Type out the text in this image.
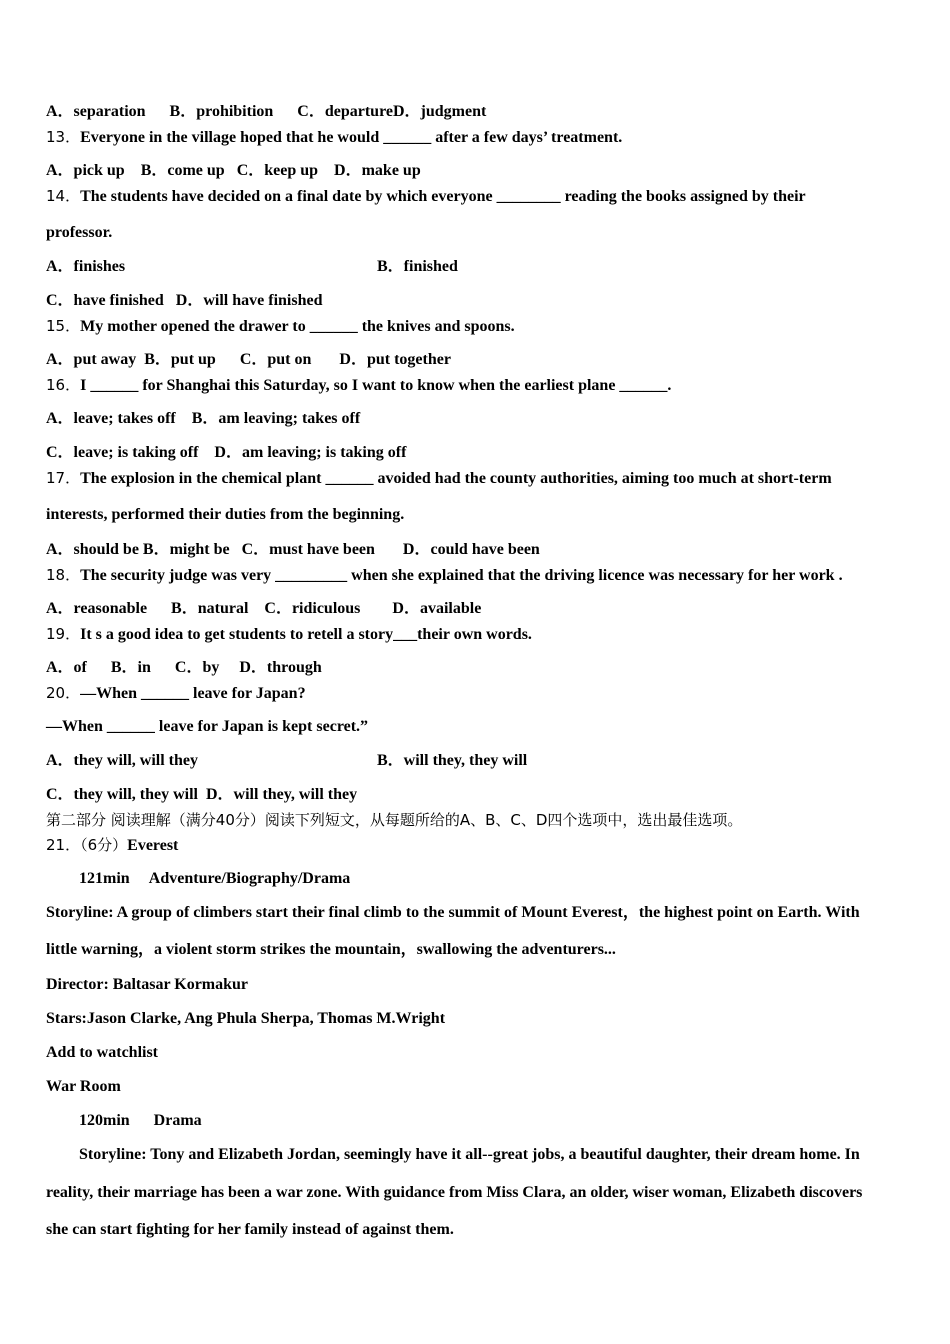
A．separation      B．prohibition      C．departureD．judgment
13．Everyone in the village hoped that he would ______ after a few days’ treatment.
A．pick up    B．come up   C．keep up    D．make up
14．The students have decided on a final date by which everyone ________ reading the books assigned by their
professor.
A．finishes	B．finished
C．have finished   D．will have finished
15．My mother opened the drawer to ______ the knives and spoons.
A．put away  B．put up      C．put on       D．put together
16．I ______ for Shanghai this Saturday, so I want to know when the earliest plane ______.
A．leave; takes off    B．am leaving; takes off
C．leave; is taking off    D．am leaving; is taking off
17．The explosion in the chemical plant ______ avoided had the county authorities, aiming too much at short-term
interests, performed their duties from the beginning.
A．should be B．might be   C．must have been       D．could have been
18．The security judge was very _________ when she explained that the driving licence was necessary for her work .
A．reasonable      B．natural    C．ridiculous        D．available
19．It s a good idea to get students to retell a story___their own words.
A．of      B．in      C．by     D．through
20．—When ______ leave for Japan?
—When ______ leave for Japan is kept secret.”
A．they will, will they	B．will they, they will
C．they will, they will  D．will they, will they
第二部分 阅读理解（满分40分）阅读下列短文，从每题所给的A、B、C、D四个选项中，选出最佳选项。
21．（6分）Everest
121min     Adventure/Biography/Drama
Storyline: A group of climbers start their final climb to the summit of Mount Everest，the highest point on Earth. With
little warning，a violent storm strikes the mountain，swallowing the adventurers...
Director: Baltasar Kormakur
Stars:Jason Clarke, Ang Phula Sherpa, Thomas M.Wright
Add to watchlist
War Room
120min      Drama
Storyline: Tony and Elizabeth Jordan, seemingly have it all--great jobs, a beautiful daughter, their dream home. In
reality, their marriage has been a war zone. With guidance from Miss Clara, an older, wiser woman, Elizabeth discovers
she can start fighting for her family instead of against them.
